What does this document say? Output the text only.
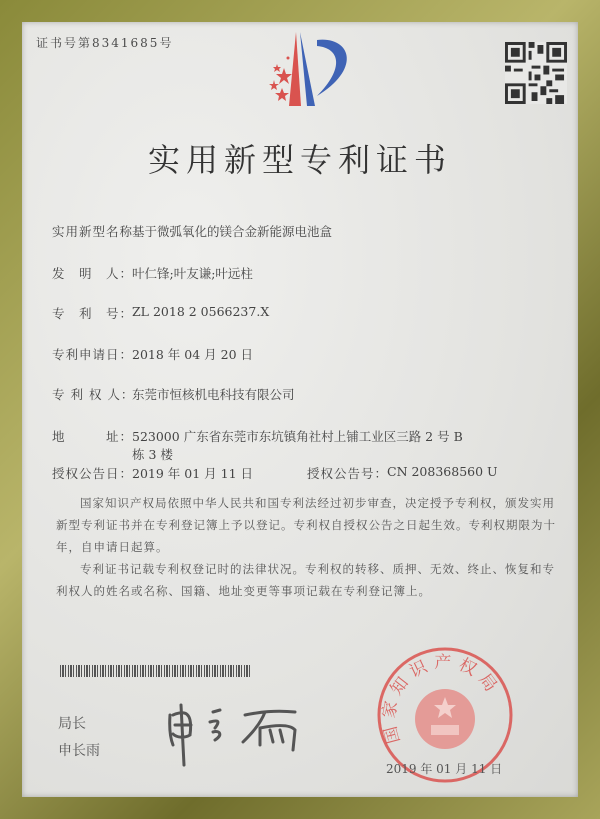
证书号第8341685号
实用新型专利证书
实用新型名称：
基于微弧氧化的镁合金新能源电池盒
发　明　人：
叶仁锋;叶友谦;叶远柱
专　利　号：
ZL 2018 2 0566237.X
专利申请日：
2018 年 04 月 20 日
专 利 权 人：
东莞市恒核机电科技有限公司
地　　　址：
523000 广东省东莞市东坑镇角社村上铺工业区三路 2 号 B
栋 3 楼
授权公告日：
2019 年 01 月 11 日	授权公告号：
CN 208368560 U
国家知识产权局依照中华人民共和国专利法经过初步审查，决定授予专利权，颁发实用新型专利证书并在专利登记簿上予以登记。专利权自授权公告之日起生效。专利权期限为十年，自申请日起算。
专利证书记载专利权登记时的法律状况。专利权的转移、质押、无效、终止、恢复和专利权人的姓名或名称、国籍、地址变更等事项记载在专利登记簿上。
局长
申长雨
国家知识产权局
2019 年 01 月 11 日
